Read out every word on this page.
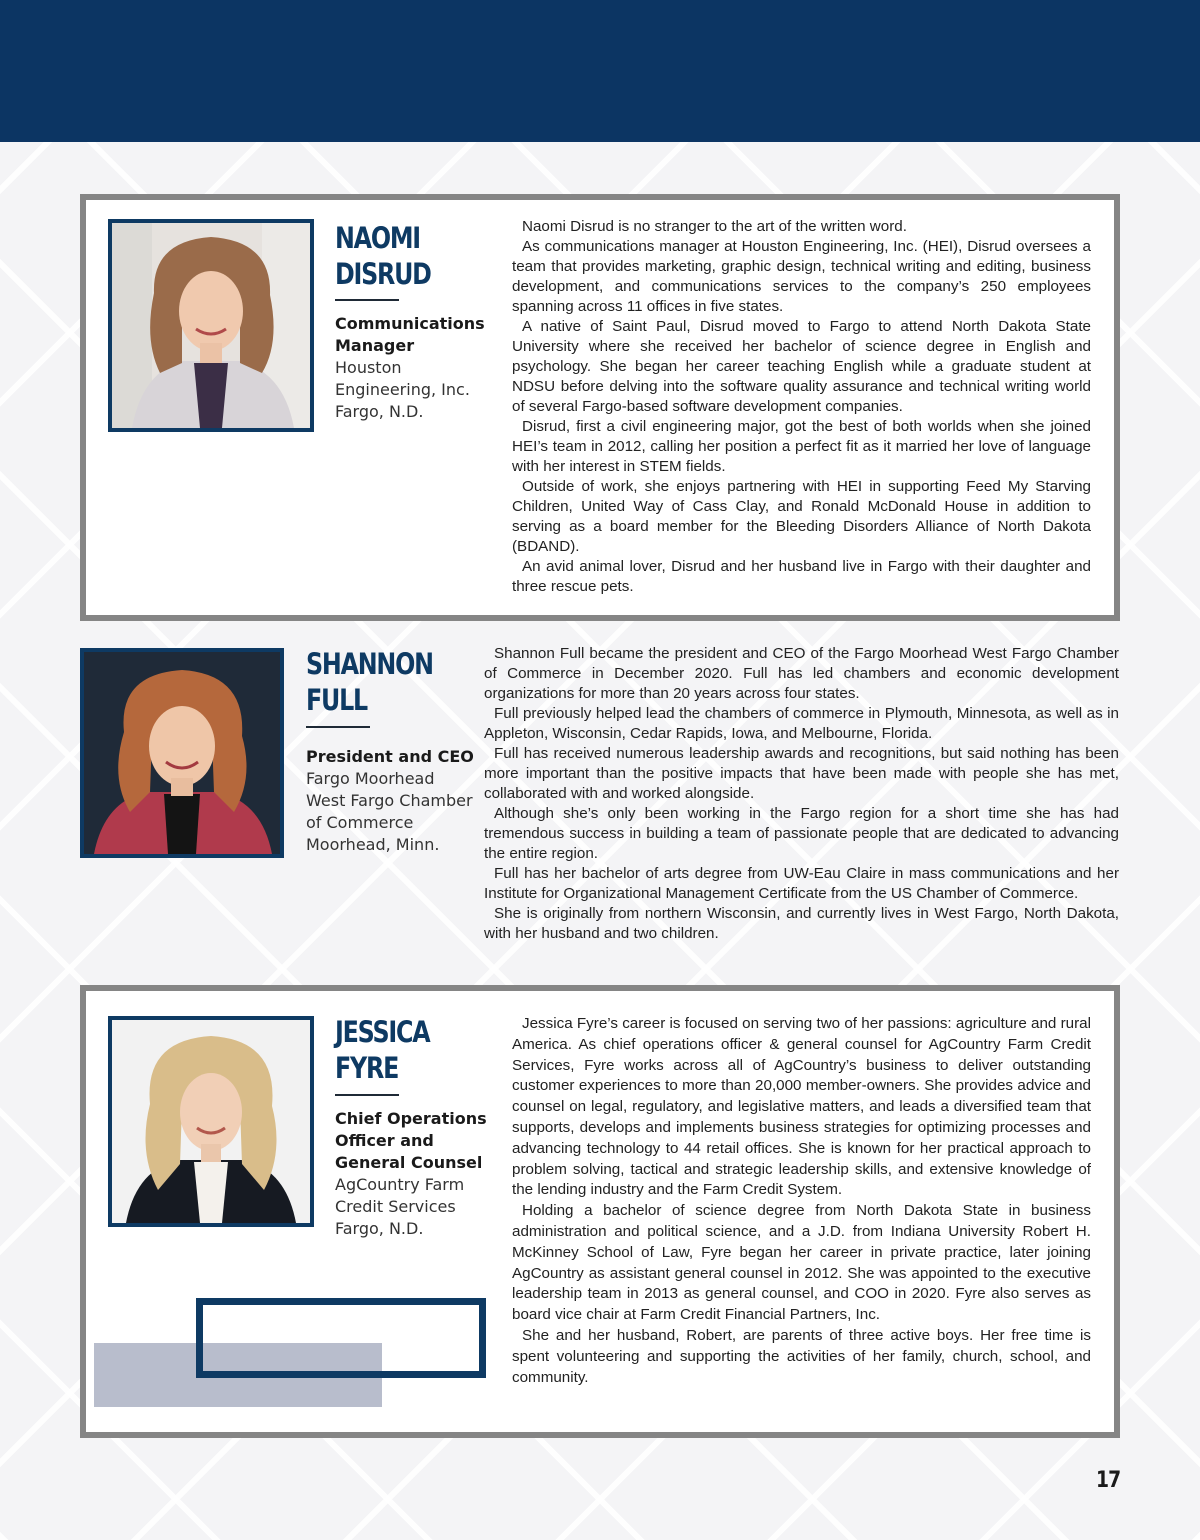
NAOMI
DISRUD
Communications
Manager
Houston
Engineering, Inc.
Fargo, N.D.

Naomi Disrud is no stranger to the art of the written word.

As communications manager at Houston Engineering, Inc. (HEI), Disrud oversees a team that provides marketing, graphic design, technical writing and editing, business development, and communications services to the company’s 250 employees spanning across 11 offices in five states.

A native of Saint Paul, Disrud moved to Fargo to attend North Dakota State University where she received her bachelor of science degree in English and psychology. She began her career teaching English while a graduate student at NDSU before delving into the software quality assurance and technical writing world of several Fargo-based software development companies.

Disrud, first a civil engineering major, got the best of both worlds when she joined HEI’s team in 2012, calling her position a perfect fit as it married her love of language with her interest in STEM fields.

Outside of work, she enjoys partnering with HEI in supporting Feed My Starving Children, United Way of Cass Clay, and Ronald McDonald House in addition to serving as a board member for the Bleeding Disorders Alliance of North Dakota (BDAND).

An avid animal lover, Disrud and her husband live in Fargo with their daughter and three rescue pets.

SHANNON
FULL
President and CEO
Fargo Moorhead
West Fargo Chamber
of Commerce
Moorhead, Minn.

Shannon Full became the president and CEO of the Fargo Moorhead West Fargo Chamber of Commerce in December 2020. Full has led chambers and economic development organizations for more than 20 years across four states.

Full previously helped lead the chambers of commerce in Plymouth, Minnesota, as well as in Appleton, Wisconsin, Cedar Rapids, Iowa, and Melbourne, Florida.

Full has received numerous leadership awards and recognitions, but said nothing has been more important than the positive impacts that have been made with people she has met, collaborated with and worked alongside.

Although she’s only been working in the Fargo region for a short time she has had tremendous success in building a team of passionate people that are dedicated to advancing the entire region.

Full has her bachelor of arts degree from UW-Eau Claire in mass communications and her Institute for Organizational Management Certificate from the US Chamber of Commerce.

She is originally from northern Wisconsin, and currently lives in West Fargo, North Dakota, with her husband and two children.

JESSICA
FYRE
Chief Operations
Officer and
General Counsel
AgCountry Farm
Credit Services
Fargo, N.D.

Jessica Fyre’s career is focused on serving two of her passions: agriculture and rural America. As chief operations officer & general counsel for AgCountry Farm Credit Services, Fyre works across all of AgCountry’s business to deliver outstanding customer experiences to more than 20,000 member-owners. She provides advice and counsel on legal, regulatory, and legislative matters, and leads a diversified team that supports, develops and implements business strategies for optimizing processes and advancing technology to 44 retail offices. She is known for her practical approach to problem solving, tactical and strategic leadership skills, and extensive knowledge of the lending industry and the Farm Credit System.

Holding a bachelor of science degree from North Dakota State in business administration and political science, and a J.D. from Indiana University Robert H. McKinney School of Law, Fyre began her career in private practice, later joining AgCountry as assistant general counsel in 2012. She was appointed to the executive leadership team in 2013 as general counsel, and COO in 2020. Fyre also serves as board vice chair at Farm Credit Financial Partners, Inc.

She and her husband, Robert, are parents of three active boys. Her free time is spent volunteering and supporting the activities of her family, church, school, and community.

17
